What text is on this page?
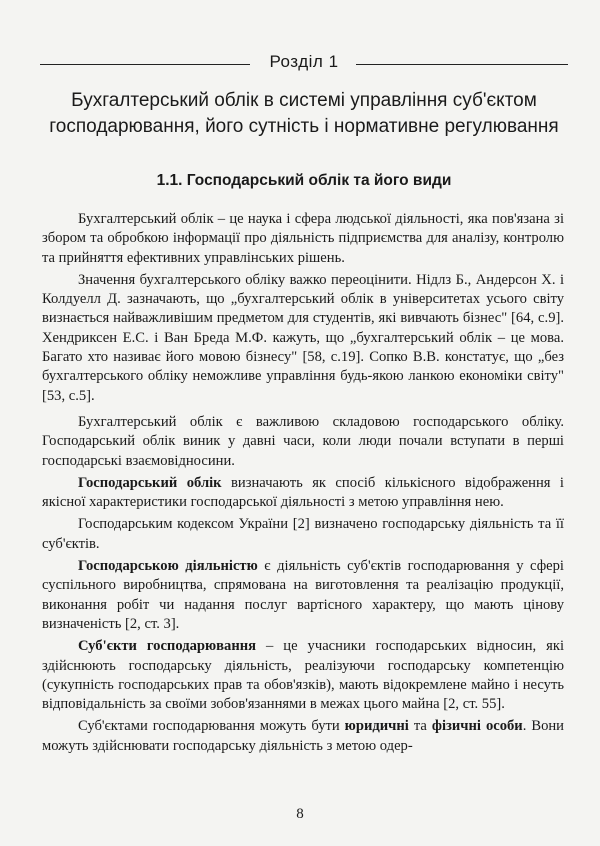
Розділ 1
Бухгалтерський облік в системі управління суб'єктом
господарювання, його сутність і нормативне регулювання
1.1. Господарський облік та його види

Бухгалтерський облік – це наука і сфера людської діяльності, яка пов'язана зі збором та обробкою інформації про діяльність підприємства для аналізу, контролю та прийняття ефективних управлінських рішень.

Значення бухгалтерського обліку важко переоцінити. Нідлз Б., Андерсон Х. і Колдуелл Д. зазначають, що „бухгалтерський облік в університетах усього світу визнається найважливішим предметом для студентів, які вивчають бізнес" [64, с.9]. Хендриксен Е.С. і Ван Бреда М.Ф. кажуть, що „бухгалтерський облік – це мова. Багато хто називає його мовою бізнесу" [58, с.19]. Сопко В.В. констатує, що „без бухгалтерського обліку неможливе управління будь-якою ланкою економіки світу" [53, с.5].

Бухгалтерський облік є важливою складовою господарського обліку. Господарський облік виник у давні часи, коли люди почали вступати в перші господарські взаємовідносини.

Господарський облік визначають як спосіб кількісного відображення і якісної характеристики господарської діяльності з метою управління нею.

Господарським кодексом України [2] визначено господарську діяльність та її суб'єктів.

Господарською діяльністю є діяльність суб'єктів господарювання у сфері суспільного виробництва, спрямована на виготовлення та реалізацію продукції, виконання робіт чи надання послуг вартісного характеру, що мають цінову визначеність [2, ст. 3].

Суб'єкти господарювання – це учасники господарських відносин, які здійснюють господарську діяльність, реалізуючи господарську компетенцію (сукупність господарських прав та обов'язків), мають відокремлене майно і несуть відповідальність за своїми зобов'язаннями в межах цього майна [2, ст. 55].

Суб'єктами господарювання можуть бути юридичні та фізичні особи. Вони можуть здійснювати господарську діяльність з метою одер-

8
